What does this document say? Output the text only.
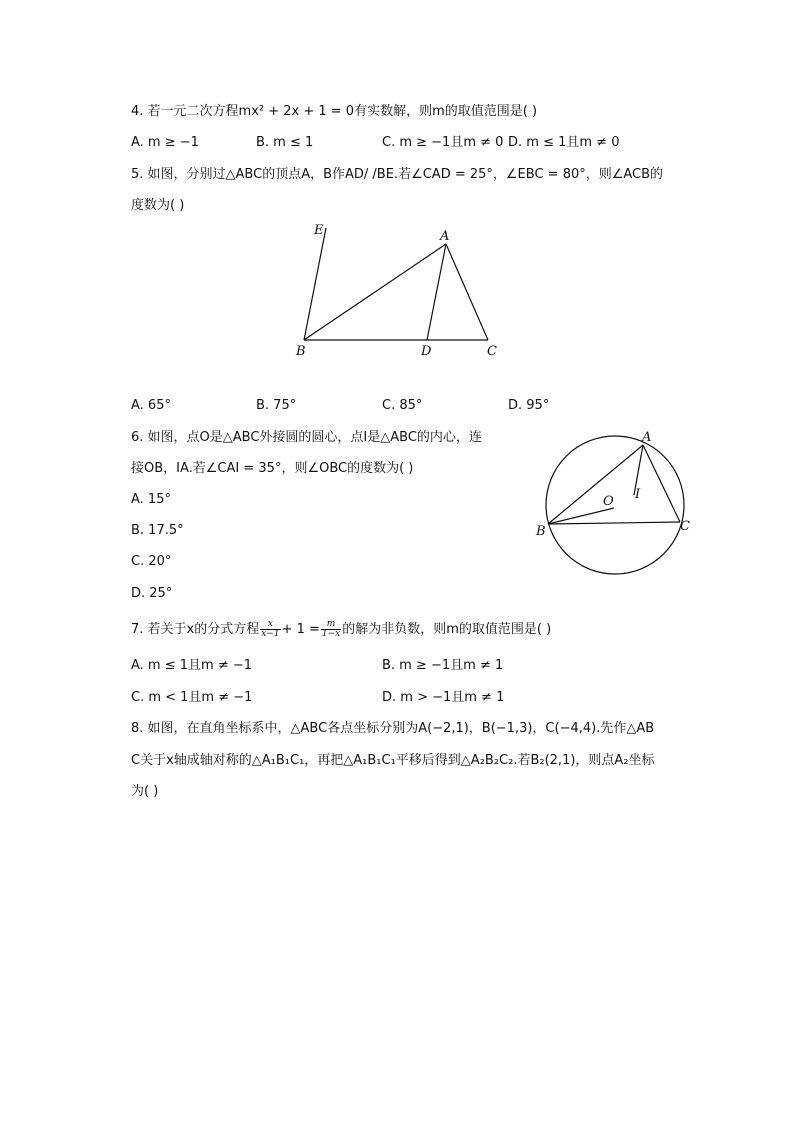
4. 若一元二次方程mx² + 2x + 1 = 0有实数解，则m的取值范围是( )
A. m ≥ −1	B. m ≤ 1	C. m ≥ −1且m ≠ 0 D. m ≤ 1且m ≠ 0
5. 如图，分别过△ABC的顶点A，B作AD/ /BE.若∠CAD = 25°，∠EBC = 80°，则∠ACB的
度数为( )
E	A
B	D	C
A. 65°	B. 75°	C. 85°	D. 95°
6. 如图，点O是△ABC外接圆的圆心，点I是△ABC的内心，连
接OB，IA.若∠CAI = 35°，则∠OBC的度数为( )
A. 15°
B. 17.5°
C. 20°
D. 25°
A
B	C
O I
7. 若关于x的分式方程 $\frac{x}{x-1} + 1 = \frac{m}{1-x}$ 的解为非负数，则m的取值范围是( )
A. m ≤ 1且m ≠ −1	B. m ≥ −1且m ≠ 1
C. m < 1且m ≠ −1	D. m > −1且m ≠ 1
8. 如图，在直角坐标系中，△ABC各点坐标分别为A(−2,1)，B(−1,3)，C(−4,4).先作△AB
C关于x轴成轴对称的△A₁B₁C₁，再把△A₁B₁C₁平移后得到△A₂B₂C₂.若B₂(2,1)，则点A₂坐标
为( )
